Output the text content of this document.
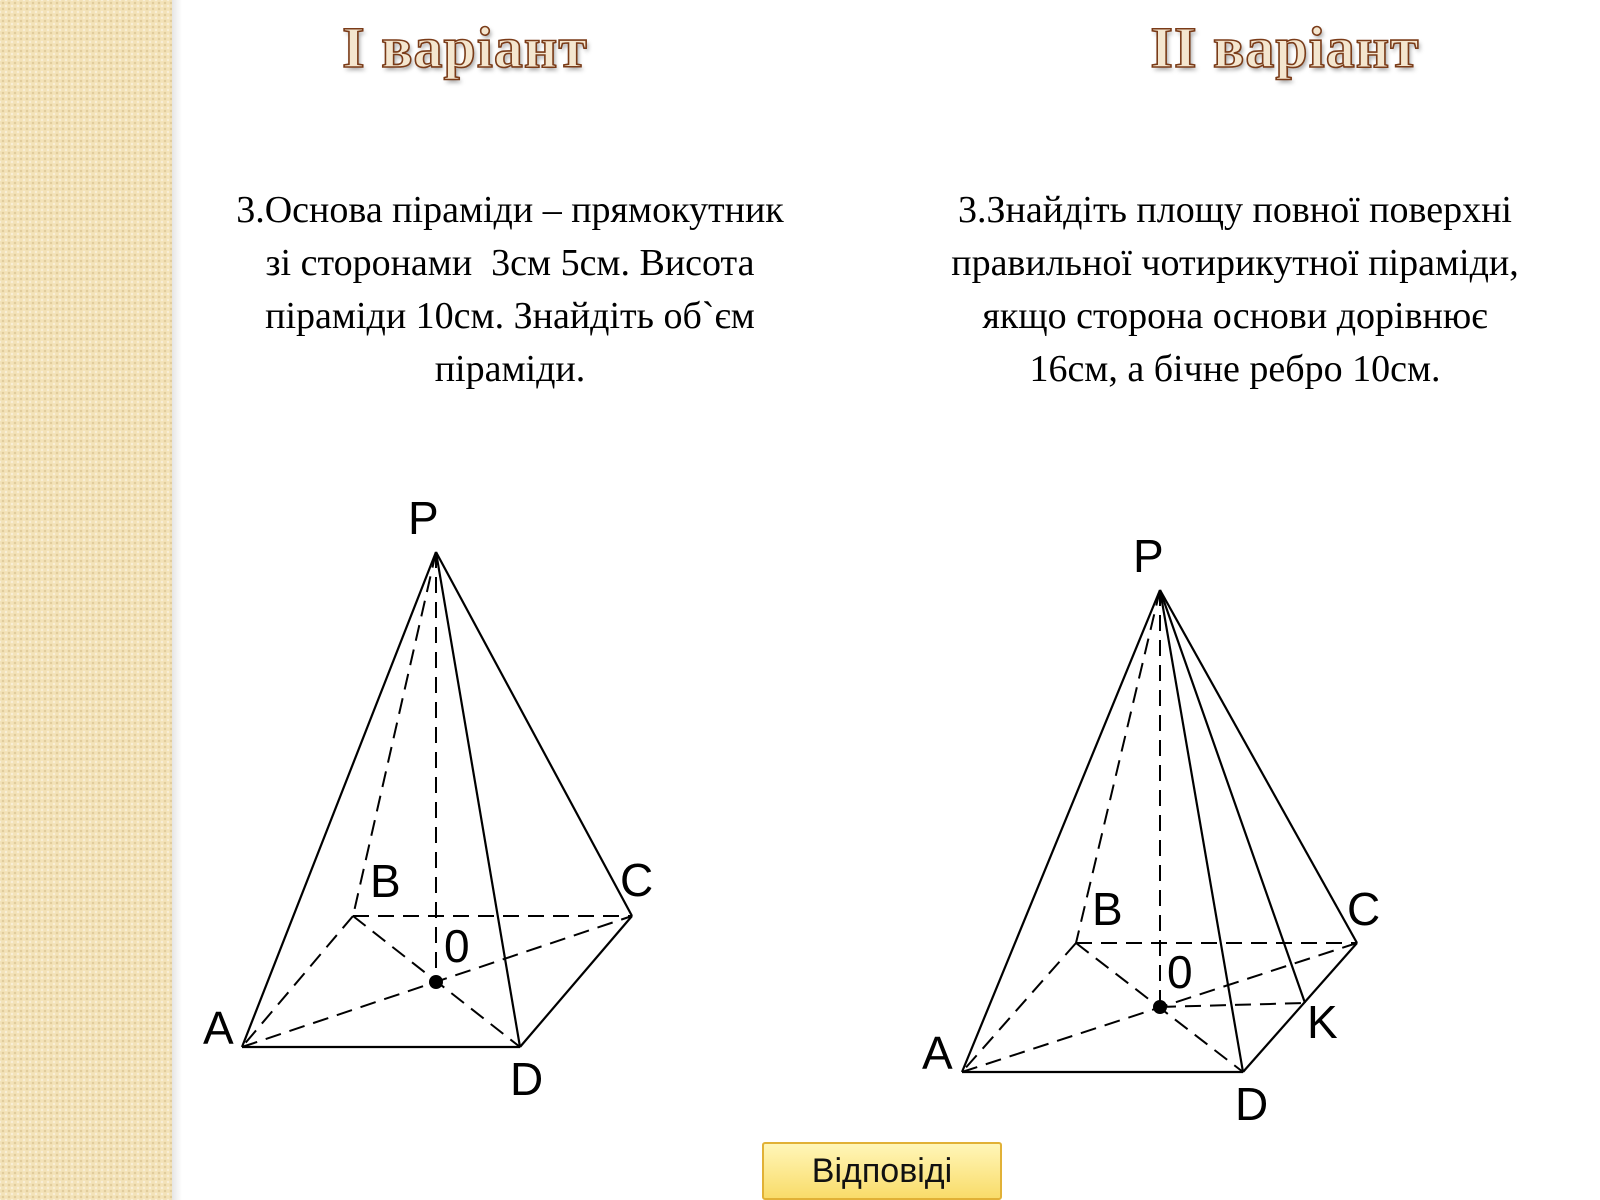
I варіант	II варіант
3.Основа піраміди – прямокутник
зі сторонами  3см 5см. Висота
піраміди 10см. Знайдіть об`єм
піраміди.
3.Знайдіть площу повної поверхні
правильної чотирикутної піраміди,
якщо сторона основи дорівнює
16см, а бічне ребро 10см.
P
B	C
0
A
D
P
B	C
0
K
A
D
Відповіді
